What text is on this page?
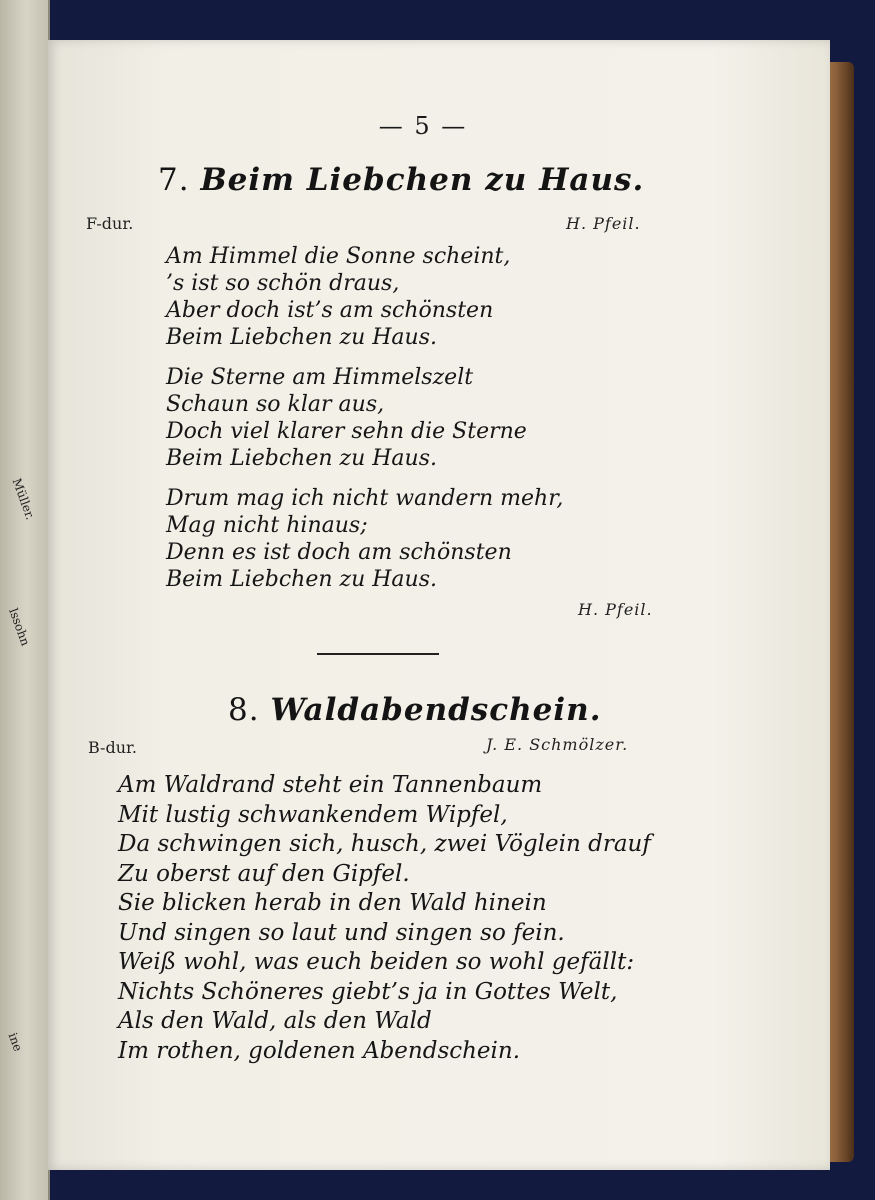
Müller.
lssohn
ine
— 5 —
7. Beim Liebchen zu Haus.
F-dur.	H. Pfeil.
Am Himmel die Sonne scheint,
’s ist so schön draus,
Aber doch ist’s am schönsten
Beim Liebchen zu Haus.
Die Sterne am Himmelszelt
Schaun so klar aus,
Doch viel klarer sehn die Sterne
Beim Liebchen zu Haus.
Drum mag ich nicht wandern mehr,
Mag nicht hinaus;
Denn es ist doch am schönsten
Beim Liebchen zu Haus.
H. Pfeil.
8. Waldabendschein.
B-dur.	J. E. Schmölzer.
Am Waldrand steht ein Tannenbaum
Mit lustig schwankendem Wipfel,
Da schwingen sich, husch, zwei Vöglein drauf
Zu oberst auf den Gipfel.
Sie blicken herab in den Wald hinein
Und singen so laut und singen so fein.
Weiß wohl, was euch beiden so wohl gefällt:
Nichts Schöneres giebt’s ja in Gottes Welt,
Als den Wald, als den Wald
Im rothen, goldenen Abendschein.
